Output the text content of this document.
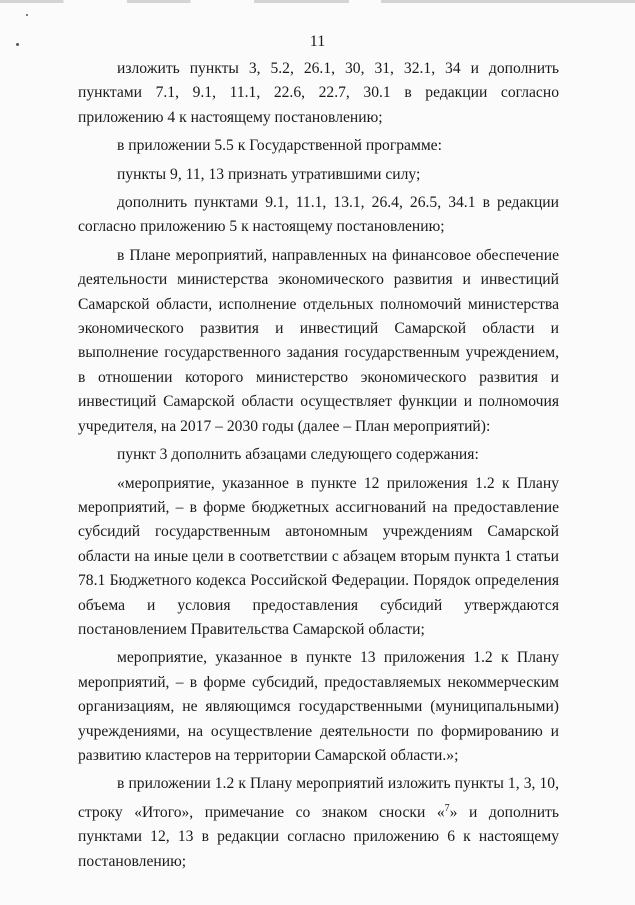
11

изложить пункты 3, 5.2, 26.1, 30, 31, 32.1, 34 и дополнить пунктами 7.1, 9.1, 11.1, 22.6, 22.7, 30.1 в редакции согласно приложению 4 к настоящему постановлению;

в приложении 5.5 к Государственной программе:

пункты 9, 11, 13 признать утратившими силу;

дополнить пунктами 9.1, 11.1, 13.1, 26.4, 26.5, 34.1 в редакции согласно приложению 5 к настоящему постановлению;

в Плане мероприятий, направленных на финансовое обеспечение деятельности министерства экономического развития и инвестиций Самарской области, исполнение отдельных полномочий министерства экономического развития и инвестиций Самарской области и выполнение государственного задания государственным учреждением, в отношении которого министерство экономического развития и инвестиций Самарской области осуществляет функции и полномочия учредителя, на 2017 – 2030 годы (далее – План мероприятий):

пункт 3 дополнить абзацами следующего содержания:

«мероприятие, указанное в пункте 12 приложения 1.2 к Плану мероприятий, – в форме бюджетных ассигнований на предоставление субсидий государственным автономным учреждениям Самарской области на иные цели в соответствии с абзацем вторым пункта 1 статьи 78.1 Бюджетного кодекса Российской Федерации. Порядок определения объема и условия предоставления субсидий утверждаются постановлением Правительства Самарской области;

мероприятие, указанное в пункте 13 приложения 1.2 к Плану мероприятий, – в форме субсидий, предоставляемых некоммерческим организациям, не являющимся государственными (муниципальными) учреждениями, на осуществление деятельности по формированию и развитию кластеров на территории Самарской области.»;

в приложении 1.2 к Плану мероприятий изложить пункты 1, 3, 10, строку «Итого», примечание со знаком сноски «$^7$» и дополнить пунктами 12, 13 в редакции согласно приложению 6 к настоящему постановлению;
